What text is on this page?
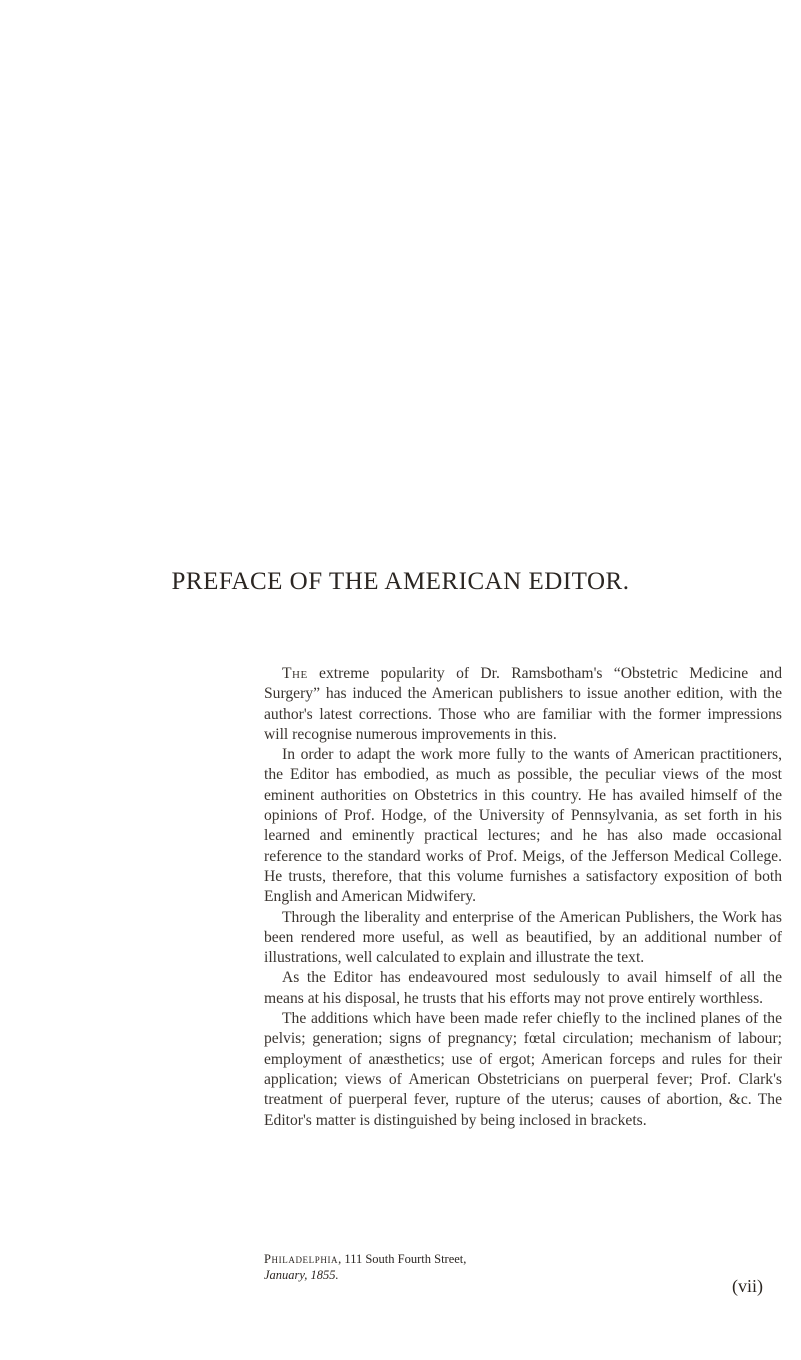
PREFACE OF THE AMERICAN EDITOR.

The extreme popularity of Dr. Ramsbotham's “Obstetric Medicine and Surgery” has induced the American publishers to issue another edition, with the author's latest corrections. Those who are familiar with the former impressions will recognise numerous improvements in this.

In order to adapt the work more fully to the wants of American practitioners, the Editor has embodied, as much as possible, the peculiar views of the most eminent authorities on Obstetrics in this country. He has availed himself of the opinions of Prof. Hodge, of the University of Pennsylvania, as set forth in his learned and eminently practical lectures; and he has also made occasional reference to the standard works of Prof. Meigs, of the Jefferson Medical College. He trusts, therefore, that this volume furnishes a satisfactory exposition of both English and American Midwifery.

Through the liberality and enterprise of the American Publishers, the Work has been rendered more useful, as well as beautified, by an additional number of illustrations, well calculated to explain and illustrate the text.

As the Editor has endeavoured most sedulously to avail himself of all the means at his disposal, he trusts that his efforts may not prove entirely worthless.

The additions which have been made refer chiefly to the inclined planes of the pelvis; generation; signs of pregnancy; fœtal circulation; mechanism of labour; employment of anæsthetics; use of ergot; American forceps and rules for their application; views of American Obstetricians on puerperal fever; Prof. Clark's treatment of puerperal fever, rupture of the uterus; causes of abortion, &c. The Editor's matter is distinguished by being inclosed in brackets.

Philadelphia, 111 South Fourth Street,
January, 1855.
(vii)
